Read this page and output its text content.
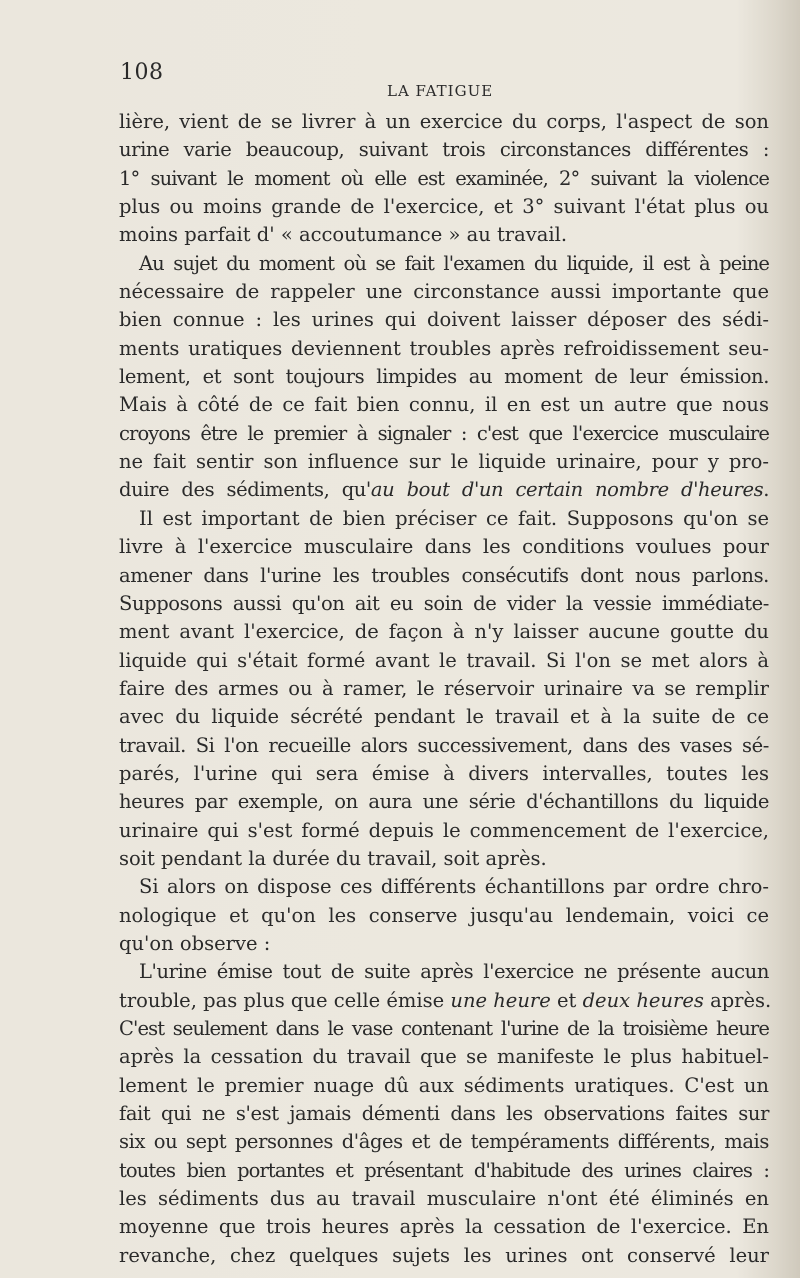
108
LA FATIGUE
lière, vient de se livrer à un exercice du corps, l'aspect de son
urine varie beaucoup, suivant trois circonstances différentes :
1° suivant le moment où elle est examinée, 2° suivant la violence
plus ou moins grande de l'exercice, et 3° suivant l'état plus ou
moins parfait d' « accoutumance » au travail.
Au sujet du moment où se fait l'examen du liquide, il est à peine
nécessaire de rappeler une circonstance aussi importante que
bien connue : les urines qui doivent laisser déposer des sédi-
ments uratiques deviennent troubles après refroidissement seu-
lement, et sont toujours limpides au moment de leur émission.
Mais à côté de ce fait bien connu, il en est un autre que nous
croyons être le premier à signaler : c'est que l'exercice musculaire
ne fait sentir son influence sur le liquide urinaire, pour y pro-
duire des sédiments, qu'au bout d'un certain nombre d'heures.
Il est important de bien préciser ce fait. Supposons qu'on se
livre à l'exercice musculaire dans les conditions voulues pour
amener dans l'urine les troubles consécutifs dont nous parlons.
Supposons aussi qu'on ait eu soin de vider la vessie immédiate-
ment avant l'exercice, de façon à n'y laisser aucune goutte du
liquide qui s'était formé avant le travail. Si l'on se met alors à
faire des armes ou à ramer, le réservoir urinaire va se remplir
avec du liquide sécrété pendant le travail et à la suite de ce
travail. Si l'on recueille alors successivement, dans des vases sé-
parés, l'urine qui sera émise à divers intervalles, toutes les
heures par exemple, on aura une série d'échantillons du liquide
urinaire qui s'est formé depuis le commencement de l'exercice,
soit pendant la durée du travail, soit après.
Si alors on dispose ces différents échantillons par ordre chro-
nologique et qu'on les conserve jusqu'au lendemain, voici ce
qu'on observe :
L'urine émise tout de suite après l'exercice ne présente aucun
trouble, pas plus que celle émise une heure et deux heures après.
C'est seulement dans le vase contenant l'urine de la troisième heure
après la cessation du travail que se manifeste le plus habituel-
lement le premier nuage dû aux sédiments uratiques. C'est un
fait qui ne s'est jamais démenti dans les observations faites sur
six ou sept personnes d'âges et de tempéraments différents, mais
toutes bien portantes et présentant d'habitude des urines claires :
les sédiments dus au travail musculaire n'ont été éliminés en
moyenne que trois heures après la cessation de l'exercice. En
revanche, chez quelques sujets les urines ont conservé leur
